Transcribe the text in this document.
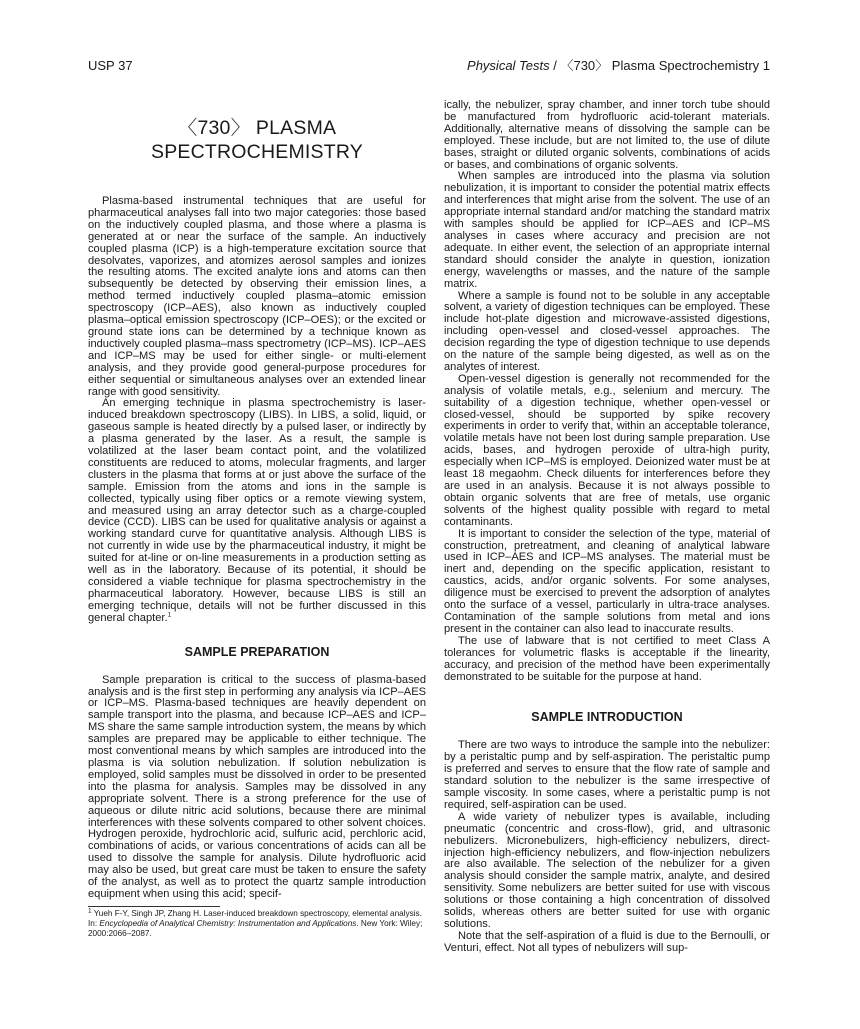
USP 37	Physical Tests / 〈730〉 Plasma Spectrochemistry 1
〈730〉 PLASMA
SPECTROCHEMISTRY

Plasma-based instrumental techniques that are useful for pharmaceutical analyses fall into two major categories: those based on the inductively coupled plasma, and those where a plasma is generated at or near the surface of the sample. An inductively coupled plasma (ICP) is a high-temperature excitation source that desolvates, vaporizes, and atomizes aerosol samples and ionizes the resulting atoms. The excited analyte ions and atoms can then subsequently be detected by observing their emission lines, a method termed inductively coupled plasma–atomic emission spectroscopy (ICP–AES), also known as inductively coupled plasma–optical emission spectroscopy (ICP–OES); or the excited or ground state ions can be determined by a technique known as inductively coupled plasma–mass spectrometry (ICP–MS). ICP–AES and ICP–MS may be used for either single- or multi-element analysis, and they provide good general-purpose procedures for either sequential or simultaneous analyses over an extended linear range with good sensitivity.

An emerging technique in plasma spectrochemistry is laser-induced breakdown spectroscopy (LIBS). In LIBS, a solid, liquid, or gaseous sample is heated directly by a pulsed laser, or indirectly by a plasma generated by the laser. As a result, the sample is volatilized at the laser beam contact point, and the volatilized constituents are reduced to atoms, molecular fragments, and larger clusters in the plasma that forms at or just above the surface of the sample. Emission from the atoms and ions in the sample is collected, typically using fiber optics or a remote viewing system, and measured using an array detector such as a charge-coupled device (CCD). LIBS can be used for qualitative analysis or against a working standard curve for quantitative analysis. Although LIBS is not currently in wide use by the pharmaceutical industry, it might be suited for at-line or on-line measurements in a production setting as well as in the laboratory. Because of its potential, it should be considered a viable technique for plasma spectrochemistry in the pharmaceutical laboratory. However, because LIBS is still an emerging technique, details will not be further discussed in this general chapter.$^1$

SAMPLE PREPARATION

Sample preparation is critical to the success of plasma-based analysis and is the first step in performing any analysis via ICP–AES or ICP–MS. Plasma-based techniques are heavily dependent on sample transport into the plasma, and because ICP–AES and ICP–MS share the same sample introduction system, the means by which samples are prepared may be applicable to either technique. The most conventional means by which samples are introduced into the plasma is via solution nebulization. If solution nebulization is employed, solid samples must be dissolved in order to be presented into the plasma for analysis. Samples may be dissolved in any appropriate solvent. There is a strong preference for the use of aqueous or dilute nitric acid solutions, because there are minimal interferences with these solvents compared to other solvent choices. Hydrogen peroxide, hydrochloric acid, sulfuric acid, perchloric acid, combinations of acids, or various concentrations of acids can all be used to dissolve the sample for analysis. Dilute hydrofluoric acid may also be used, but great care must be taken to ensure the safety of the analyst, as well as to protect the quartz sample introduction equipment when using this acid; specif-

$^1$ Yueh F-Y, Singh JP, Zhang H. Laser-induced breakdown spectroscopy, elemental analysis. In: Encyclopedia of Analytical Chemistry: Instrumentation and Applications. New York: Wiley; 2000:2066–2087.

ically, the nebulizer, spray chamber, and inner torch tube should be manufactured from hydrofluoric acid-tolerant materials. Additionally, alternative means of dissolving the sample can be employed. These include, but are not limited to, the use of dilute bases, straight or diluted organic solvents, combinations of acids or bases, and combinations of organic solvents.

When samples are introduced into the plasma via solution nebulization, it is important to consider the potential matrix effects and interferences that might arise from the solvent. The use of an appropriate internal standard and/or matching the standard matrix with samples should be applied for ICP–AES and ICP–MS analyses in cases where accuracy and precision are not adequate. In either event, the selection of an appropriate internal standard should consider the analyte in question, ionization energy, wavelengths or masses, and the nature of the sample matrix.

Where a sample is found not to be soluble in any acceptable solvent, a variety of digestion techniques can be employed. These include hot-plate digestion and microwave-assisted digestions, including open-vessel and closed-vessel approaches. The decision regarding the type of digestion technique to use depends on the nature of the sample being digested, as well as on the analytes of interest.

Open-vessel digestion is generally not recommended for the analysis of volatile metals, e.g., selenium and mercury. The suitability of a digestion technique, whether open-vessel or closed-vessel, should be supported by spike recovery experiments in order to verify that, within an acceptable tolerance, volatile metals have not been lost during sample preparation. Use acids, bases, and hydrogen peroxide of ultra-high purity, especially when ICP–MS is employed. Deionized water must be at least 18 megaohm. Check diluents for interferences before they are used in an analysis. Because it is not always possible to obtain organic solvents that are free of metals, use organic solvents of the highest quality possible with regard to metal contaminants.

It is important to consider the selection of the type, material of construction, pretreatment, and cleaning of analytical labware used in ICP–AES and ICP–MS analyses. The material must be inert and, depending on the specific application, resistant to caustics, acids, and/or organic solvents. For some analyses, diligence must be exercised to prevent the adsorption of analytes onto the surface of a vessel, particularly in ultra-trace analyses. Contamination of the sample solutions from metal and ions present in the container can also lead to inaccurate results.

The use of labware that is not certified to meet Class A tolerances for volumetric flasks is acceptable if the linearity, accuracy, and precision of the method have been experimentally demonstrated to be suitable for the purpose at hand.

SAMPLE INTRODUCTION

There are two ways to introduce the sample into the nebulizer: by a peristaltic pump and by self-aspiration. The peristaltic pump is preferred and serves to ensure that the flow rate of sample and standard solution to the nebulizer is the same irrespective of sample viscosity. In some cases, where a peristaltic pump is not required, self-aspiration can be used.

A wide variety of nebulizer types is available, including pneumatic (concentric and cross-flow), grid, and ultrasonic nebulizers. Micronebulizers, high-efficiency nebulizers, direct-injection high-efficiency nebulizers, and flow-injection nebulizers are also available. The selection of the nebulizer for a given analysis should consider the sample matrix, analyte, and desired sensitivity. Some nebulizers are better suited for use with viscous solutions or those containing a high concentration of dissolved solids, whereas others are better suited for use with organic solutions.

Note that the self-aspiration of a fluid is due to the Bernoulli, or Venturi, effect. Not all types of nebulizers will sup-
